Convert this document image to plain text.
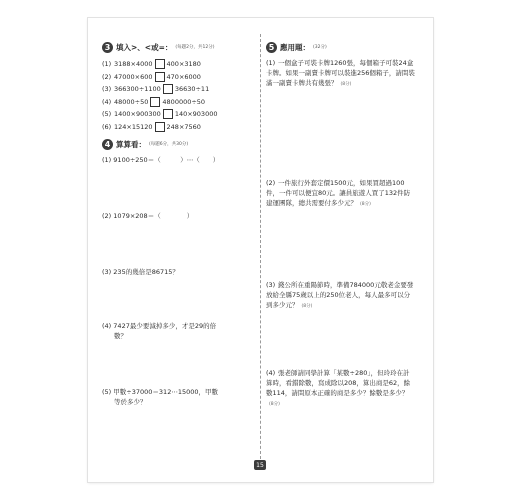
3 填入>、<或=： (每題2分，共12分)
(1) 3188×4000 400×3180
(2) 47000×600 470×6000
(3) 366300÷1100 36630÷11
(4) 48000÷50 4800000÷50
(5) 1400×900300 140×903000
(6) 124×15120 248×7560
4 算算看： (每題6分，共30分)
(1) 9100÷250＝（　　　）⋯（　　）
(2) 1079×208＝（　　　　）
(3) 235的幾倍是86715？
(4) 7427最少要減掉多少，才是29的倍
數？
(5) 甲數÷37000＝312⋯15000，甲數
等於多少？
5 應用題： (32分)
(1) 一個盒子可裝卡牌1260張，每個箱子可裝24盒卡牌。如果一副賣卡牌可以裝進256個箱子，請問裝滿一副賣卡牌共有幾張？ (8分)
(2) 一件旅行外套定價1500元，如果買超過100件，一件可以便宜80元。讓員旅遊人買了132件防建運團隊，總共需要付多少元？ (8分)
(3) 錢公所在重陽節時，準備784000元敬老金要發放給全縣75歲以上的250位老人，每人最多可以分到多少元？ (8分)
(4) 張老師請同學計算「某數÷280」，但玲玲在計算時，看錯除數，寫成除以208，算出商是62，餘數114，請問原本正確的商是多少？餘數是多少？(8分)
15
